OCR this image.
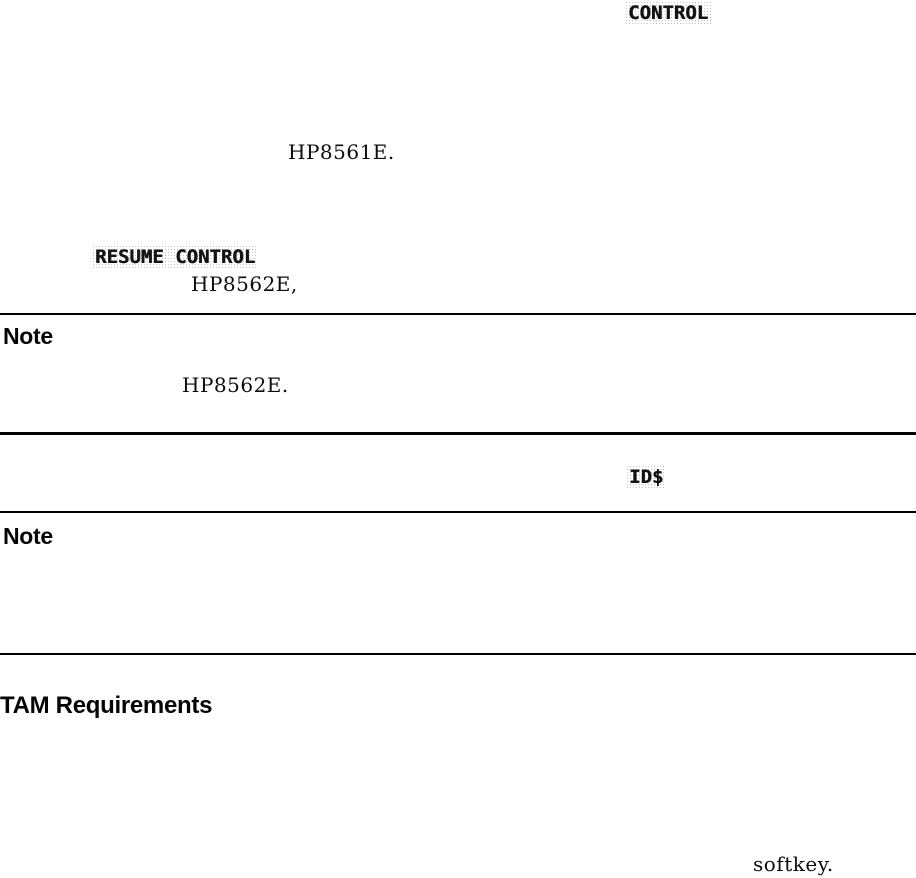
CONTROL
HP8561E.
RESUME CONTROL
HP8562E,
Note
HP8562E.
ID$
Note
TAM Requirements
softkey.
